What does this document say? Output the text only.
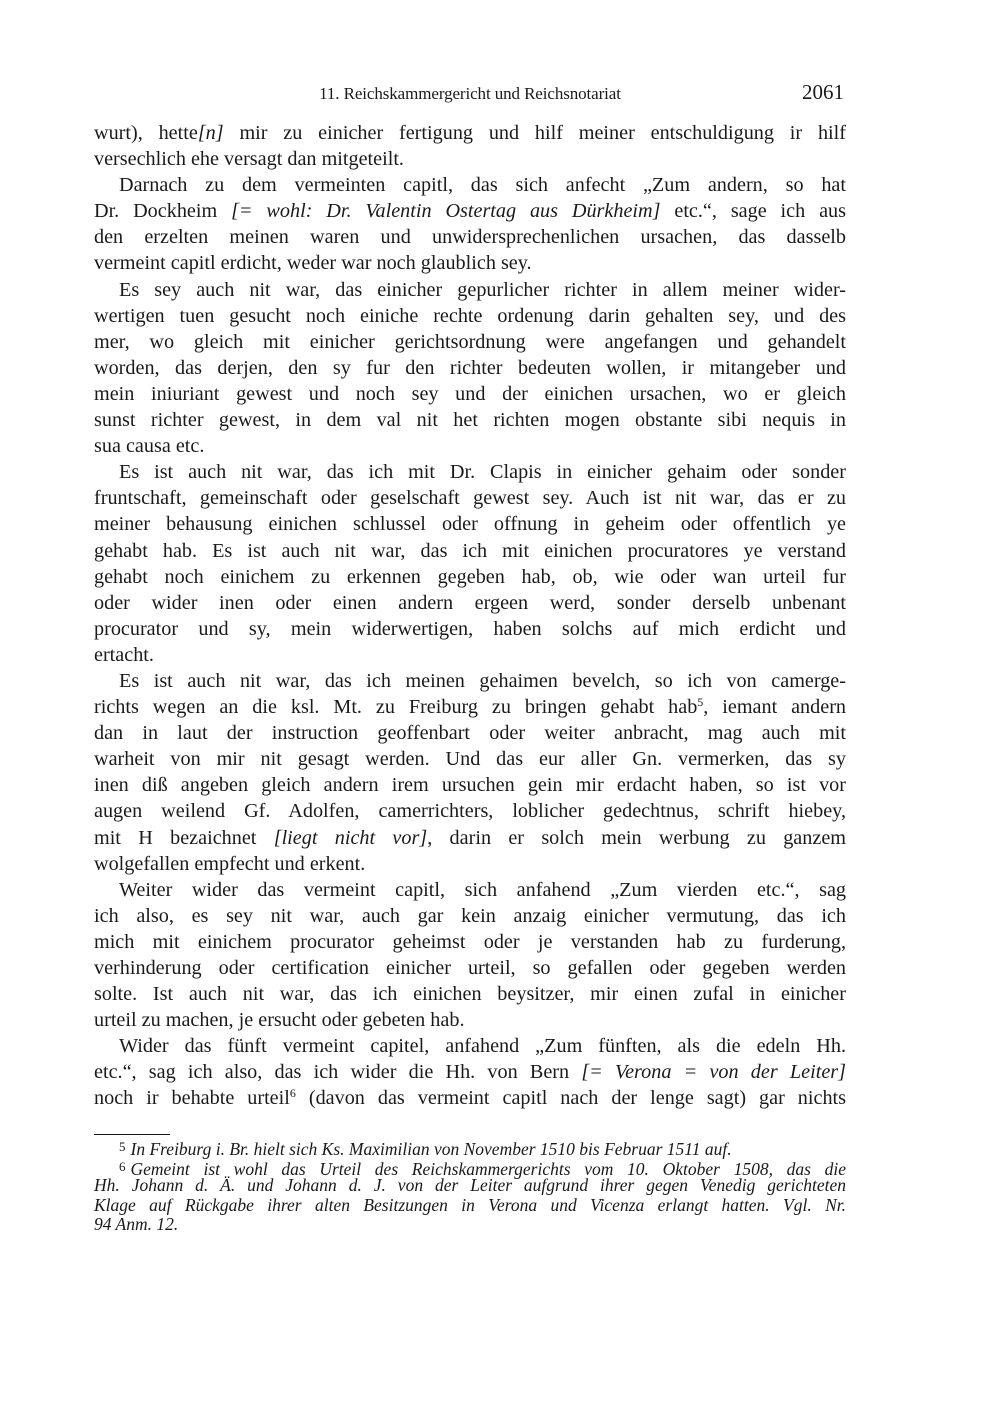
11. Reichskammergericht und Reichsnotariat	2061
wurt), hette[n] mir zu einicher fertigung und hilf meiner entschuldigung ir hilf
versechlich ehe versagt dan mitgeteilt.
Darnach zu dem vermeinten capitl, das sich anfecht „Zum andern, so hat
Dr. Dockheim [= wohl: Dr. Valentin Ostertag aus Dürkheim] etc.“, sage ich aus
den erzelten meinen waren und unwidersprechenlichen ursachen, das dasselb
vermeint capitl erdicht, weder war noch glaublich sey.
Es sey auch nit war, das einicher gepurlicher richter in allem meiner wider-
wertigen tuen gesucht noch einiche rechte ordenung darin gehalten sey, und des
mer, wo gleich mit einicher gerichtsordnung were angefangen und gehandelt
worden, das derjen, den sy fur den richter bedeuten wollen, ir mitangeber und
mein iniuriant gewest und noch sey und der einichen ursachen, wo er gleich
sunst richter gewest, in dem val nit het richten mogen obstante sibi nequis in
sua causa etc.
Es ist auch nit war, das ich mit Dr. Clapis in einicher gehaim oder sonder
fruntschaft, gemeinschaft oder geselschaft gewest sey. Auch ist nit war, das er zu
meiner behausung einichen schlussel oder offnung in geheim oder offentlich ye
gehabt hab. Es ist auch nit war, das ich mit einichen procuratores ye verstand
gehabt noch einichem zu erkennen gegeben hab, ob, wie oder wan urteil fur
oder wider inen oder einen andern ergeen werd, sonder derselb unbenant
procurator und sy, mein widerwertigen, haben solchs auf mich erdicht und
ertacht.
Es ist auch nit war, das ich meinen gehaimen bevelch, so ich von camerge-
richts wegen an die ksl. Mt. zu Freiburg zu bringen gehabt hab$^5$, iemant andern
dan in laut der instruction geoffenbart oder weiter anbracht, mag auch mit
warheit von mir nit gesagt werden. Und das eur aller Gn. vermerken, das sy
inen diß angeben gleich andern irem ursuchen gein mir erdacht haben, so ist vor
augen weilend Gf. Adolfen, camerrichters, loblicher gedechtnus, schrift hiebey,
mit H bezaichnet [liegt nicht vor], darin er solch mein werbung zu ganzem
wolgefallen empfecht und erkent.
Weiter wider das vermeint capitl, sich anfahend „Zum vierden etc.“, sag
ich also, es sey nit war, auch gar kein anzaig einicher vermutung, das ich
mich mit einichem procurator geheimst oder je verstanden hab zu furderung,
verhinderung oder certification einicher urteil, so gefallen oder gegeben werden
solte. Ist auch nit war, das ich einichen beysitzer, mir einen zufal in einicher
urteil zu machen, je ersucht oder gebeten hab.
Wider das fünft vermeint capitel, anfahend „Zum fünften, als die edeln Hh.
etc.“, sag ich also, das ich wider die Hh. von Bern [= Verona = von der Leiter]
noch ir behabte urteil$^6$ (davon das vermeint capitl nach der lenge sagt) gar nichts
$^5$ In Freiburg i. Br. hielt sich Ks. Maximilian von November 1510 bis Februar 1511 auf.
$^6$ Gemeint ist wohl das Urteil des Reichskammergerichts vom 10. Oktober 1508, das die
Hh. Johann d. Ä. und Johann d. J. von der Leiter aufgrund ihrer gegen Venedig gerichteten
Klage auf Rückgabe ihrer alten Besitzungen in Verona und Vicenza erlangt hatten. Vgl. Nr.
94 Anm. 12.
